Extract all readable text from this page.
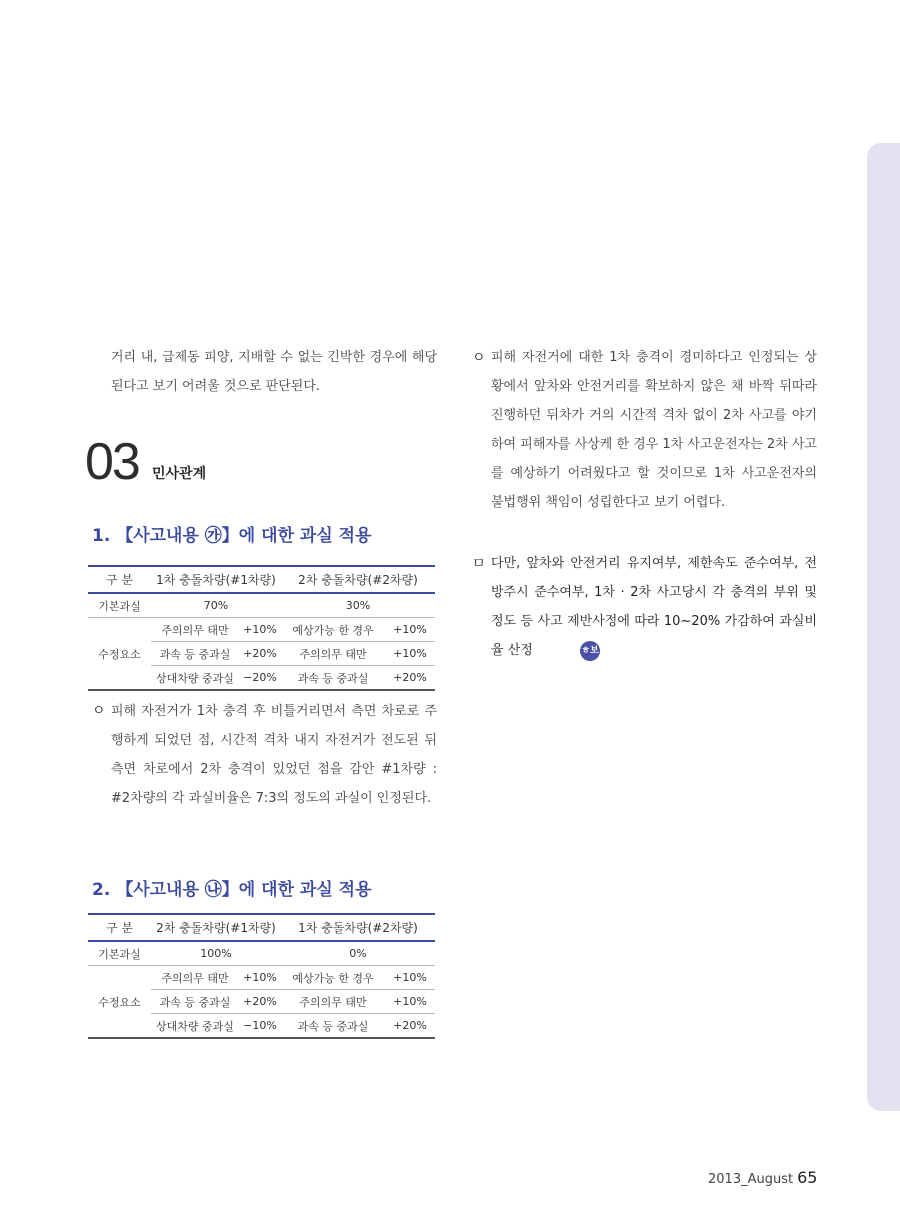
거리 내, 급제동 피양, 지배할 수 없는 긴박한 경우에 해당된다고 보기 어려울 것으로 판단된다.

03 민사관계
1. 【사고내용 ㉮】에 대한 과실 적용
구 분	1차 충돌차량(#1차량)		2차 충돌차량(#2차량)	
기본과실	70%		30%	
수정요소	주의의무 태만	+10%	예상가능 한 경우	+10%
	과속 등 중과실	+20%	주의의무 태만	+10%
	상대차량 중과실	−20%	과속 등 중과실	+20%
ㅇ 피해 자전거가 1차 충격 후 비틀거리면서 측면 차로로 주행하게 되었던 점, 시간적 격차 내지 자전거가 전도된 뒤 측면 차로에서 2차 충격이 있었던 점을 감안 #1차량 : #2차량의 각 과실비율은 7:3의 정도의 과실이 인정된다.

2. 【사고내용 ㉯】에 대한 과실 적용
구 분	2차 충돌차량(#1차량)		1차 충돌차량(#2차량)	
기본과실	100%		0%	
수정요소	주의의무 태만	+10%	예상가능 한 경우	+10%
	과속 등 중과실	+20%	주의의무 태만	+10%
	상대차량 중과실	−10%	과속 등 중과실	+20%
ㅇ 피해 자전거에 대한 1차 충격이 경미하다고 인정되는 상황에서 앞차와 안전거리를 확보하지 않은 채 바짝 뒤따라 진행하던 뒤차가 거의 시간적 격차 없이 2차 사고를 야기하여 피해자를 사상케 한 경우 1차 사고운전자는 2차 사고를 예상하기 어려웠다고 할 것이므로 1차 사고운전자의 불법행위 책임이 성립한다고 보기 어렵다.

ㅁ 다만, 앞차와 안전거리 유지여부, 제한속도 준수여부, 전방주시 준수여부, 1차 · 2차 사고당시 각 충격의 부위 및 정도 등 사고 제반사정에 따라 10~20% 가감하여 과실비율 산정	ㅎ보
2013_August 65
